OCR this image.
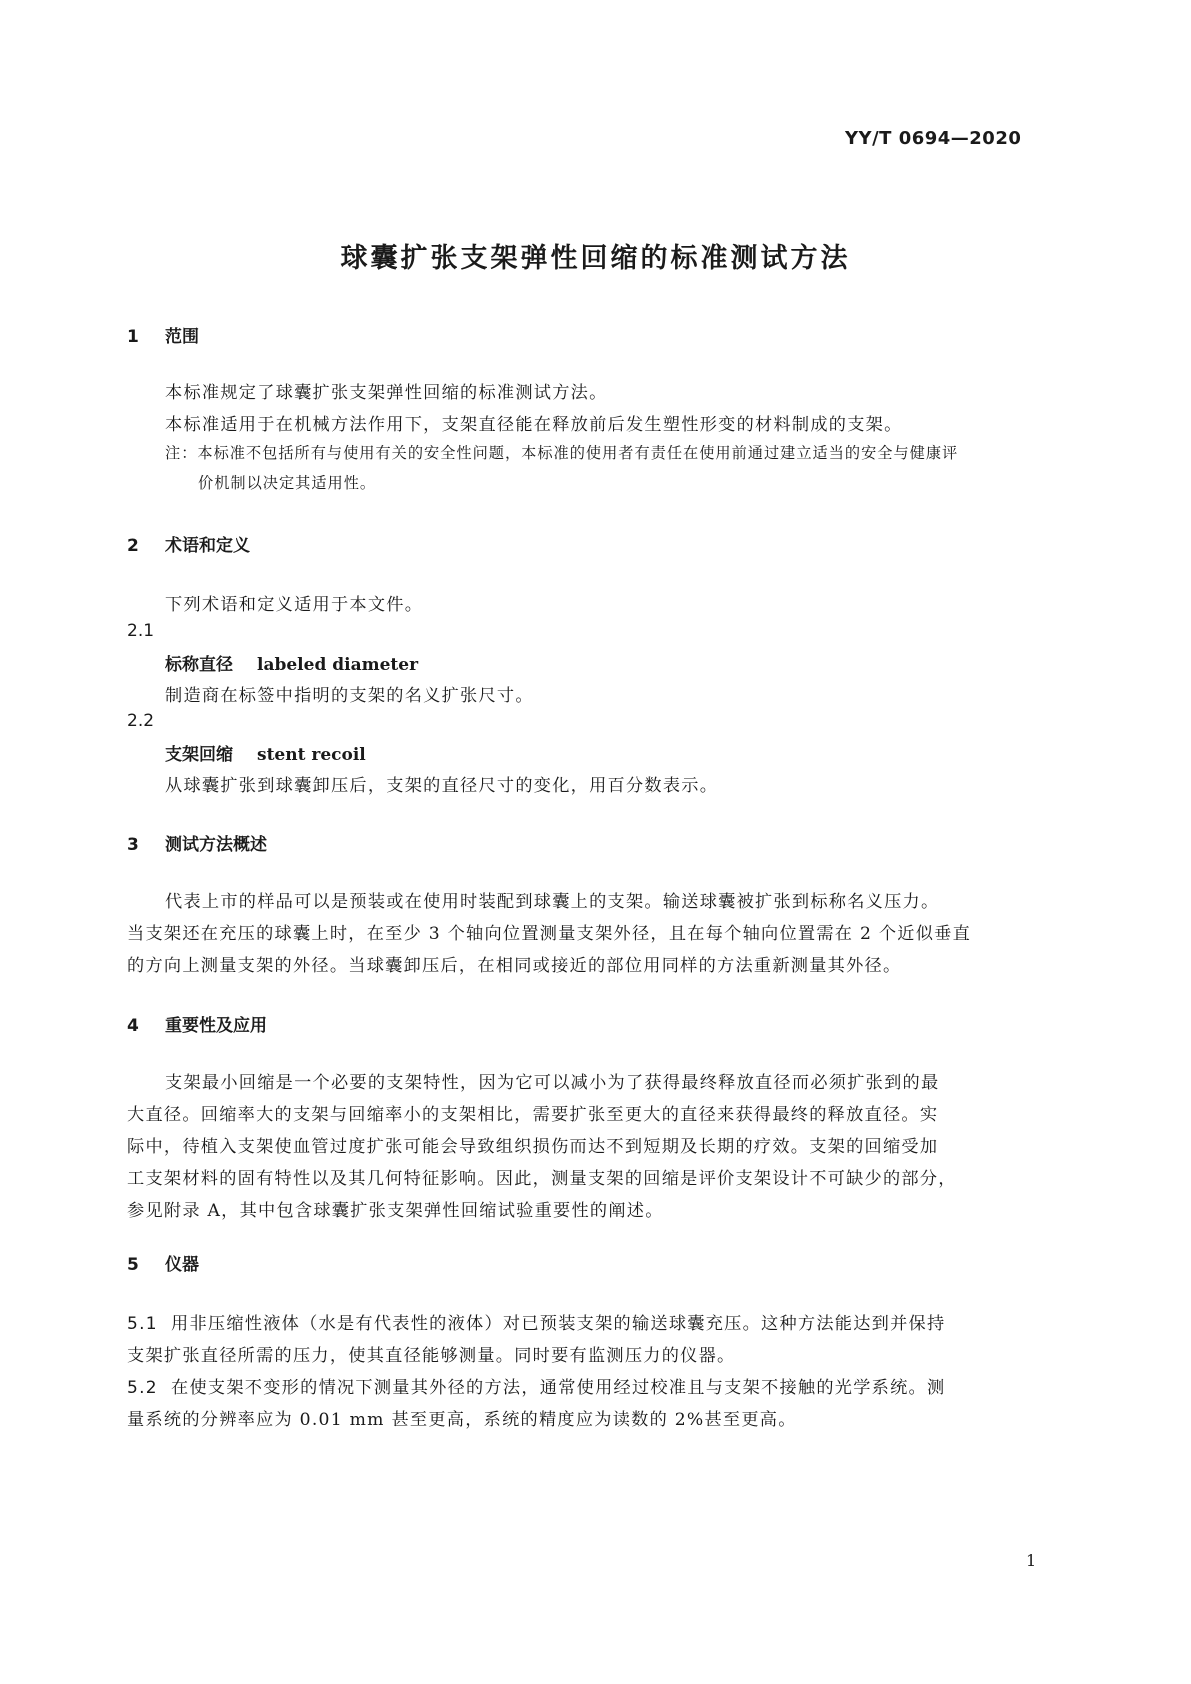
YY/T 0694—2020
球囊扩张支架弹性回缩的标准测试方法
1 范围
本标准规定了球囊扩张支架弹性回缩的标准测试方法。
本标准适用于在机械方法作用下，支架直径能在释放前后发生塑性形变的材料制成的支架。
注：本标准不包括所有与使用有关的安全性问题，本标准的使用者有责任在使用前通过建立适当的安全与健康评
价机制以决定其适用性。
2 术语和定义
下列术语和定义适用于本文件。
2.1
标称直径 labeled diameter
制造商在标签中指明的支架的名义扩张尺寸。
2.2
支架回缩 stent recoil
从球囊扩张到球囊卸压后，支架的直径尺寸的变化，用百分数表示。
3 测试方法概述
代表上市的样品可以是预装或在使用时装配到球囊上的支架。输送球囊被扩张到标称名义压力。
当支架还在充压的球囊上时，在至少 3 个轴向位置测量支架外径，且在每个轴向位置需在 2 个近似垂直
的方向上测量支架的外径。当球囊卸压后，在相同或接近的部位用同样的方法重新测量其外径。
4 重要性及应用
支架最小回缩是一个必要的支架特性，因为它可以减小为了获得最终释放直径而必须扩张到的最
大直径。回缩率大的支架与回缩率小的支架相比，需要扩张至更大的直径来获得最终的释放直径。实
际中，待植入支架使血管过度扩张可能会导致组织损伤而达不到短期及长期的疗效。支架的回缩受加
工支架材料的固有特性以及其几何特征影响。因此，测量支架的回缩是评价支架设计不可缺少的部分，
参见附录 A，其中包含球囊扩张支架弹性回缩试验重要性的阐述。
5 仪器
5.1 用非压缩性液体（水是有代表性的液体）对已预装支架的输送球囊充压。这种方法能达到并保持
支架扩张直径所需的压力，使其直径能够测量。同时要有监测压力的仪器。
5.2 在使支架不变形的情况下测量其外径的方法，通常使用经过校准且与支架不接触的光学系统。测
量系统的分辨率应为 0.01 mm 甚至更高，系统的精度应为读数的 2%甚至更高。
1
